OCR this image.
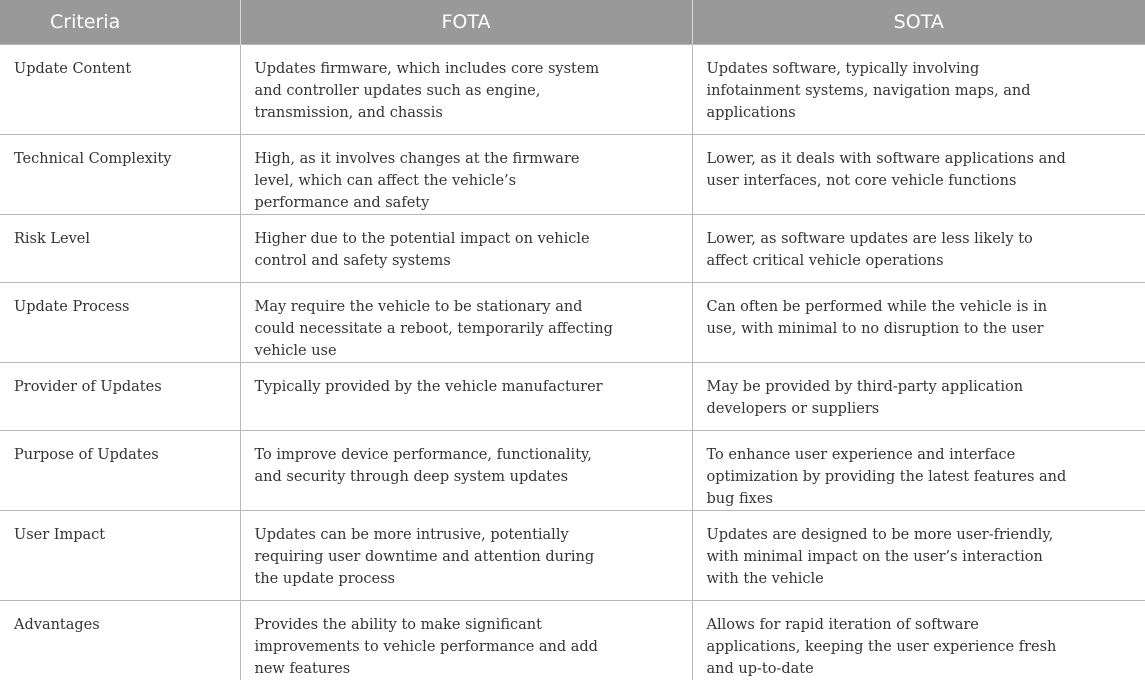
Criteria	FOTA	SOTA
Update Content	Updates firmware, which includes core system and controller updates such as engine, transmission, and chassis	Updates software, typically involving infotainment systems, navigation maps, and applications

Technical Complexity	High, as it involves changes at the firmware level, which can affect the vehicle’s performance and safety	Lower, as it deals with software applications and user interfaces, not core vehicle functions

Risk Level	Higher due to the potential impact on vehicle control and safety systems	Lower, as software updates are less likely to affect critical vehicle operations

Update Process	May require the vehicle to be stationary and could necessitate a reboot, temporarily affecting vehicle use	Can often be performed while the vehicle is in use, with minimal to no disruption to the user

Provider of Updates	Typically provided by the vehicle manufacturer	May be provided by third-party application developers or suppliers

Purpose of Updates	To improve device performance, functionality, and security through deep system updates	To enhance user experience and interface optimization by providing the latest features and bug fixes

User Impact	Updates can be more intrusive, potentially requiring user downtime and attention during the update process	Updates are designed to be more user-friendly, with minimal impact on the user’s interaction with the vehicle

Advantages	Provides the ability to make significant improvements to vehicle performance and add new features	Allows for rapid iteration of software applications, keeping the user experience fresh and up-to-date
